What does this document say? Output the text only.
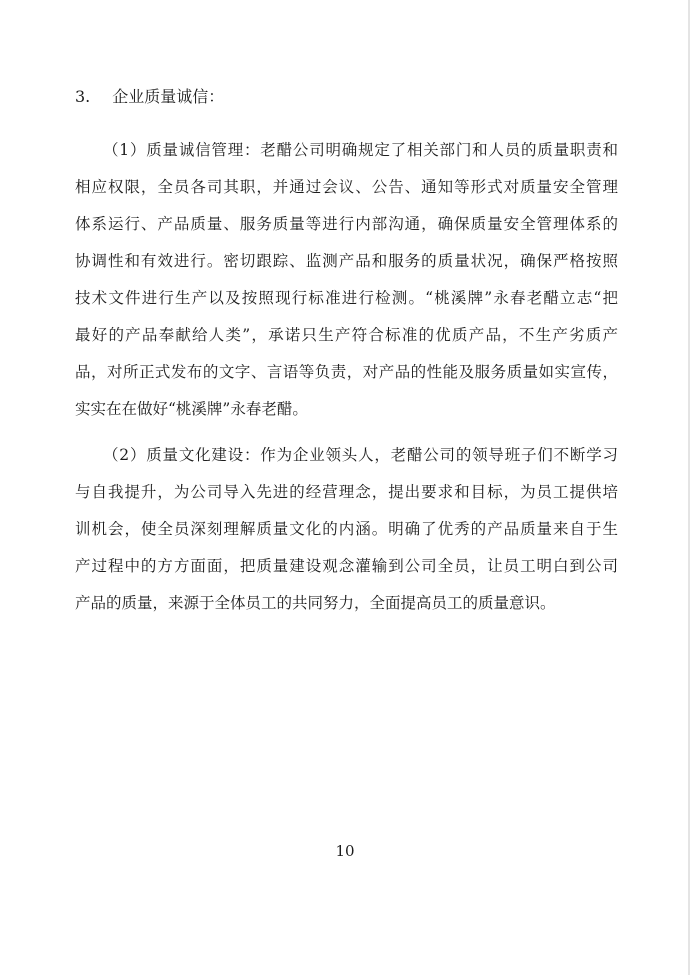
3. 企业质量诚信：
（1）质量诚信管理：老醋公司明确规定了相关部门和人员的质量职责和
相应权限，全员各司其职，并通过会议、公告、通知等形式对质量安全管理
体系运行、产品质量、服务质量等进行内部沟通，确保质量安全管理体系的
协调性和有效进行。密切跟踪、监测产品和服务的质量状况，确保严格按照
技术文件进行生产以及按照现行标准进行检测。“桃溪牌”永春老醋立志“把
最好的产品奉献给人类”，承诺只生产符合标准的优质产品，不生产劣质产
品，对所正式发布的文字、言语等负责，对产品的性能及服务质量如实宣传，
实实在在做好“桃溪牌”永春老醋。
（2）质量文化建设：作为企业领头人，老醋公司的领导班子们不断学习
与自我提升，为公司导入先进的经营理念，提出要求和目标，为员工提供培
训机会，使全员深刻理解质量文化的内涵。明确了优秀的产品质量来自于生
产过程中的方方面面，把质量建设观念灌输到公司全员，让员工明白到公司
产品的质量，来源于全体员工的共同努力，全面提高员工的质量意识。
10
